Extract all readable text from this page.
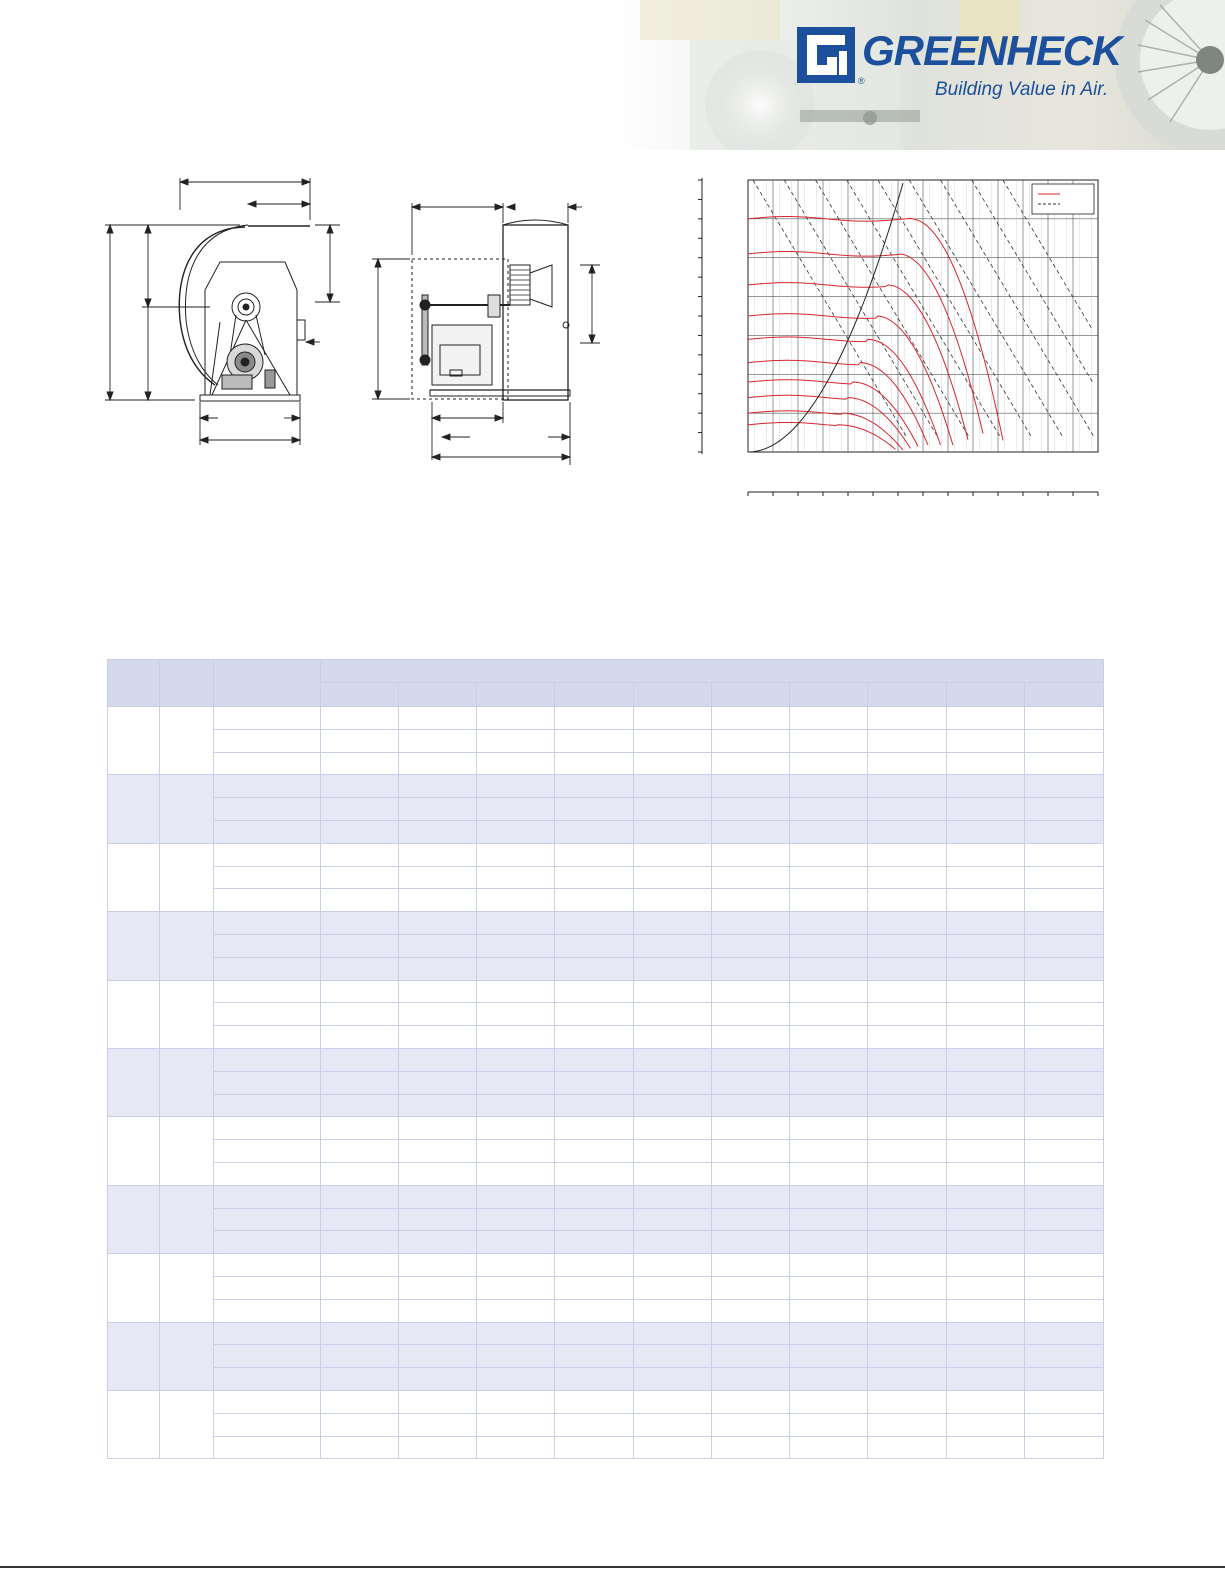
®
GREENHECK
Building Value in Air.
